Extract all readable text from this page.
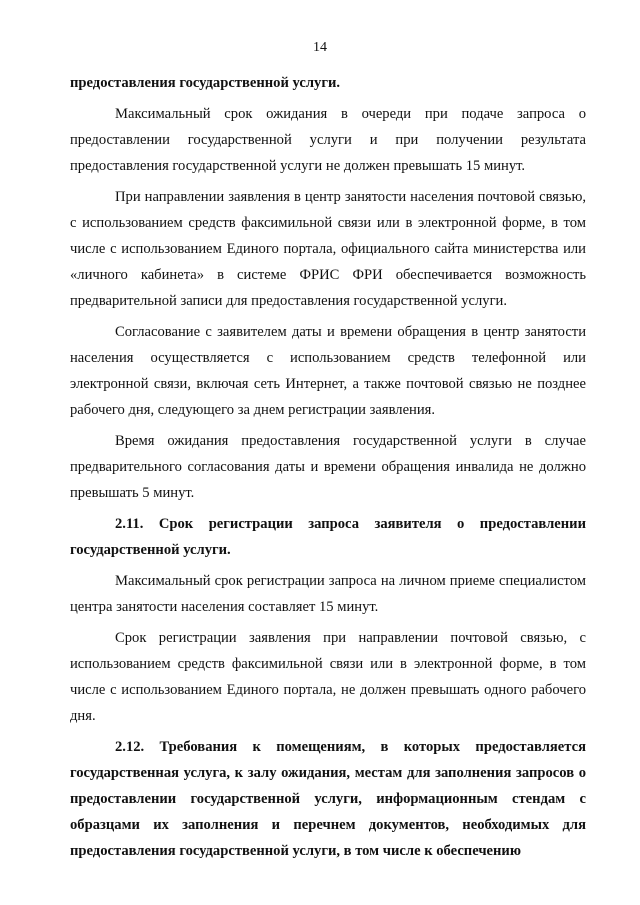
14

предоставления государственной услуги.

Максимальный срок ожидания в очереди при подаче запроса о предоставлении государственной услуги и при получении результата предоставления государственной услуги не должен превышать 15 минут.

При направлении заявления в центр занятости населения почтовой связью, с использованием средств факсимильной связи или в электронной форме, в том числе с использованием Единого портала, официального сайта министерства или «личного кабинета» в системе ФРИС ФРИ обеспечивается возможность предварительной записи для предоставления государственной услуги.

Согласование с заявителем даты и времени обращения в центр занятости населения осуществляется с использованием средств телефонной или электронной связи, включая сеть Интернет, а также почтовой связью не позднее рабочего дня, следующего за днем регистрации заявления.

Время ожидания предоставления государственной услуги в случае предварительного согласования даты и времени обращения инвалида не должно превышать 5 минут.

2.11. Срок регистрации запроса заявителя о предоставлении государственной услуги.

Максимальный срок регистрации запроса на личном приеме специалистом центра занятости населения составляет 15 минут.

Срок регистрации заявления при направлении почтовой связью, с использованием средств факсимильной связи или в электронной форме, в том числе с использованием Единого портала, не должен превышать одного рабочего дня.

2.12. Требования к помещениям, в которых предоставляется государственная услуга, к залу ожидания, местам для заполнения запросов о предоставлении государственной услуги, информационным стендам с образцами их заполнения и перечнем документов, необходимых для предоставления государственной услуги, в том числе к обеспечению
